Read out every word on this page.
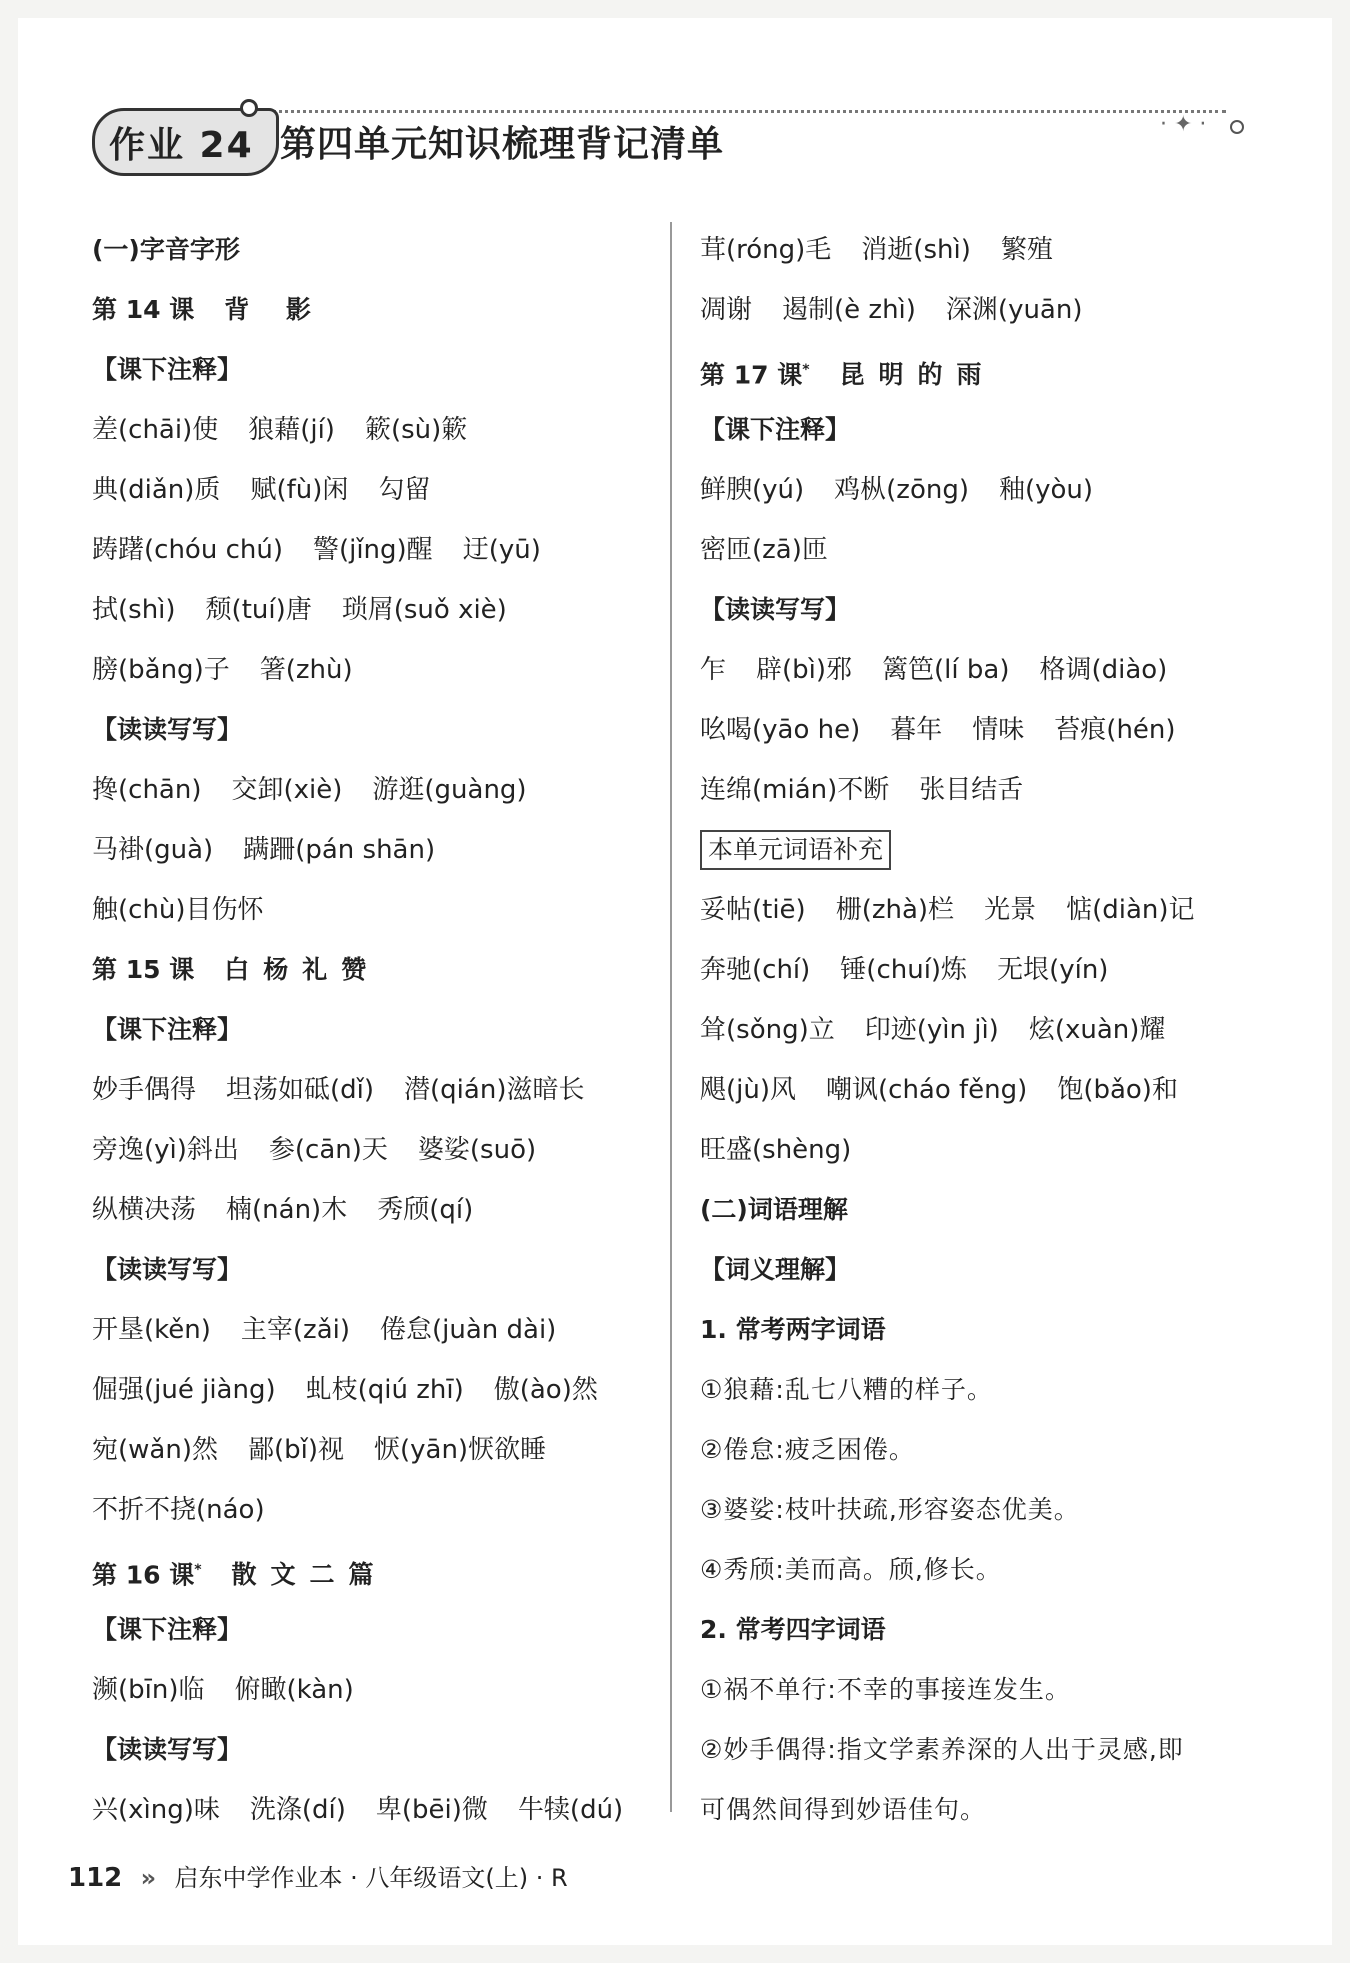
作业 24 第四单元知识梳理背记清单	· ✦ ·
(一)字音字形
第 14 课 背 影
【课下注释】
差(chāi)使 狼藉(jí) 簌(sù)簌
典(diǎn)质 赋(fù)闲 勾留
踌躇(chóu chú) 警(jǐng)醒 迂(yū)
拭(shì) 颓(tuí)唐 琐屑(suǒ xiè)
膀(bǎng)子 箸(zhù)
【读读写写】
搀(chān) 交卸(xiè) 游逛(guàng)
马褂(guà) 蹒跚(pán shān)
触(chù)目伤怀
第 15 课 白杨礼赞
【课下注释】
妙手偶得 坦荡如砥(dǐ) 潜(qián)滋暗长
旁逸(yì)斜出 参(cān)天 婆娑(suō)
纵横决荡 楠(nán)木 秀颀(qí)
【读读写写】
开垦(kěn) 主宰(zǎi) 倦怠(juàn dài)
倔强(jué jiàng) 虬枝(qiú zhī) 傲(ào)然
宛(wǎn)然 鄙(bǐ)视 恹(yān)恹欲睡
不折不挠(náo)
第 16 课* 散文二篇
【课下注释】
濒(bīn)临 俯瞰(kàn)
【读读写写】
兴(xìng)味 洗涤(dí) 卑(bēi)微 牛犊(dú)
茸(róng)毛 消逝(shì) 繁殖
凋谢 遏制(è zhì) 深渊(yuān)
第 17 课* 昆明的雨
【课下注释】
鲜腴(yú) 鸡枞(zōng) 釉(yòu)
密匝(zā)匝
【读读写写】
乍 辟(bì)邪 篱笆(lí ba) 格调(diào)
吆喝(yāo he) 暮年 情味 苔痕(hén)
连绵(mián)不断 张目结舌
本单元词语补充
妥帖(tiē) 栅(zhà)栏 光景 惦(diàn)记
奔驰(chí) 锤(chuí)炼 无垠(yín)
耸(sǒng)立 印迹(yìn jì) 炫(xuàn)耀
飓(jù)风 嘲讽(cháo fěng) 饱(bǎo)和
旺盛(shèng)
(二)词语理解
【词义理解】
1. 常考两字词语
①狼藉:乱七八糟的样子。
②倦怠:疲乏困倦。
③婆娑:枝叶扶疏,形容姿态优美。
④秀颀:美而高。颀,修长。
2. 常考四字词语
①祸不单行:不幸的事接连发生。
②妙手偶得:指文学素养深的人出于灵感,即
可偶然间得到妙语佳句。
112 » 启东中学作业本 · 八年级语文(上) · R
